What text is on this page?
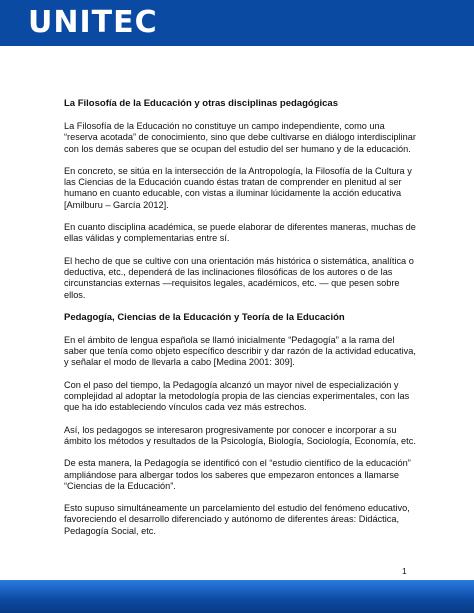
UNITEC
La Filosofía de la Educación y otras disciplinas pedagógicas

La Filosofía de la Educación no constituye un campo independiente, como una “reserva acotada” de conocimiento, sino que debe cultivarse en diálogo interdisciplinar con los demás saberes que se ocupan del estudio del ser humano y de la educación.

En concreto, se sitúa en la intersección de la Antropología, la Filosofía de la Cultura y las Ciencias de la Educación cuando éstas tratan de comprender en plenitud al ser humano en cuanto educable, con vistas a iluminar lúcidamente la acción educativa [Amilburu – García 2012].

En cuanto disciplina académica, se puede elaborar de diferentes maneras, muchas de ellas válidas y complementarias entre sí.

El hecho de que se cultive con una orientación más histórica o sistemática, analítica o deductiva, etc., dependerá de las inclinaciones filosóficas de los autores o de las circunstancias externas —requisitos legales, académicos, etc. — que pesen sobre ellos.

Pedagogía, Ciencias de la Educación y Teoría de la Educación

En el ámbito de lengua española se llamó inicialmente “Pedagogía” a la rama del saber que tenía como objeto específico describir y dar razón de la actividad educativa, y señalar el modo de llevarla a cabo [Medina 2001: 309].

Con el paso del tiempo, la Pedagogía alcanzó un mayor nivel de especialización y complejidad al adoptar la metodología propia de las ciencias experimentales, con las que ha ido estableciendo vínculos cada vez más estrechos.

Así, los pedagogos se interesaron progresivamente por conocer e incorporar a su ámbito los métodos y resultados de la Psicología, Biología, Sociología, Economía, etc.

De esta manera, la Pedagogía se identificó con el “estudio científico de la educación” ampliándose para albergar todos los saberes que empezaron entonces a llamarse “Ciencias de la Educación”.

Esto supuso simultáneamente un parcelamiento del estudio del fenómeno educativo, favoreciendo el desarrollo diferenciado y autónomo de diferentes áreas: Didáctica, Pedagogía Social, etc.

1
